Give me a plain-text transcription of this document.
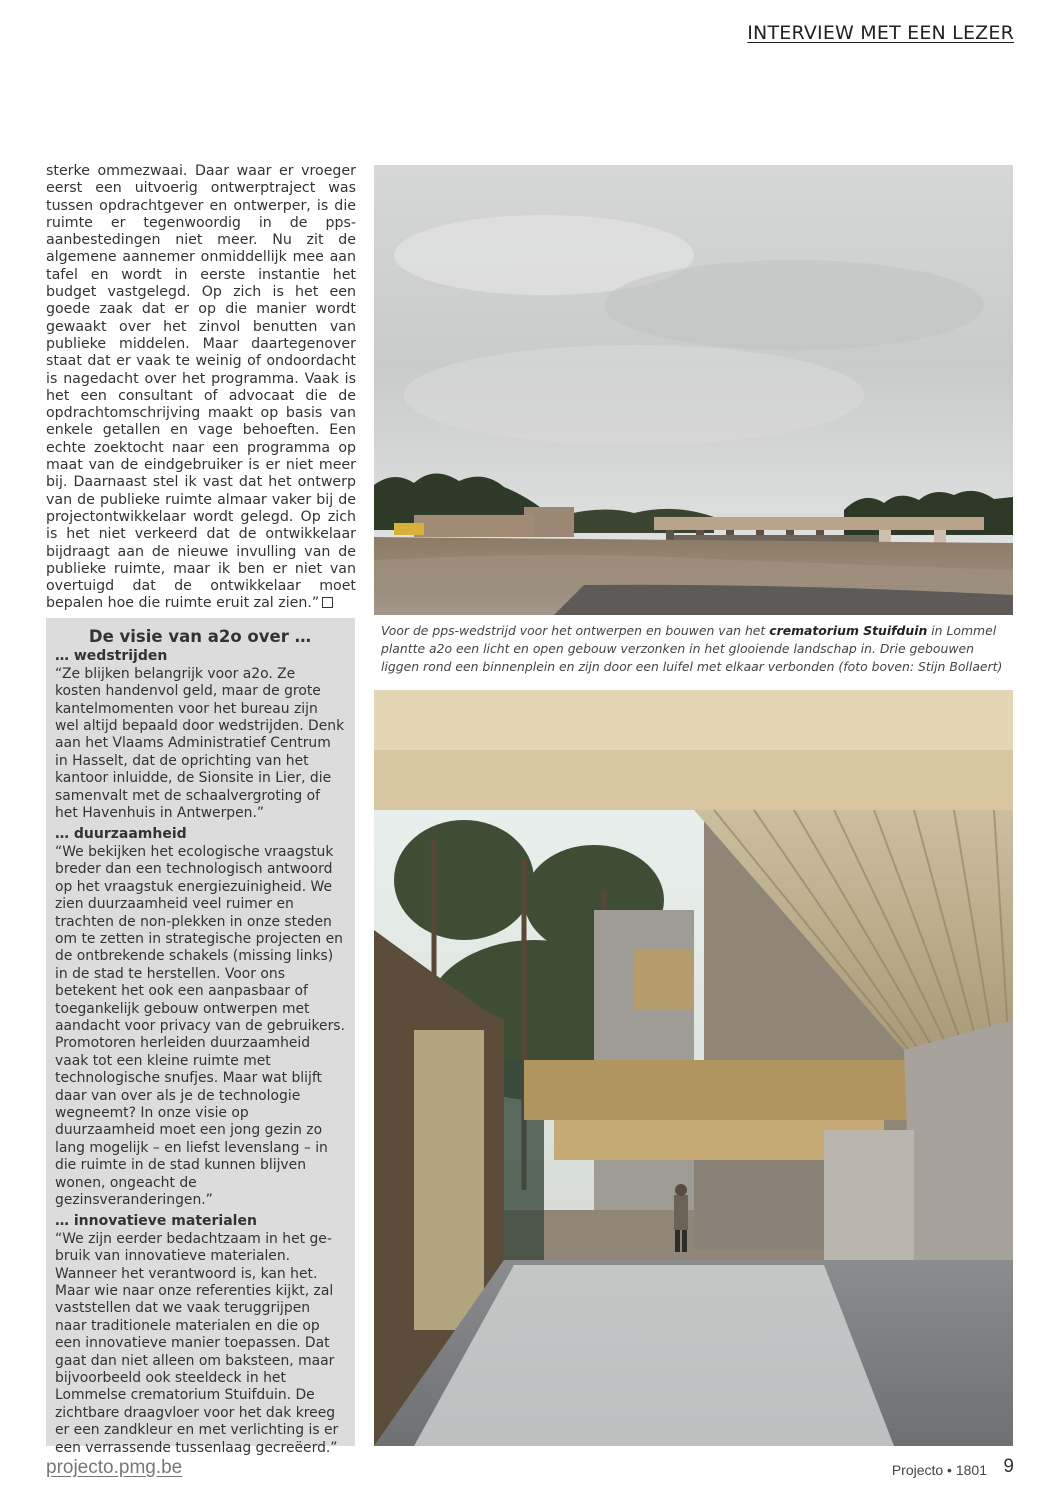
INTERVIEW MET EEN LEZER
sterke ommezwaai. Daar waar er vroeger eerst een uitvoerig ontwerptraject was tussen opdrachtgever en ontwerper, is die ruimte er tegenwoordig in de pps-aanbestedingen niet meer. Nu zit de algemene aannemer onmiddellijk mee aan tafel en wordt in eerste instantie het budget vastgelegd. Op zich is het een goede zaak dat er op die manier wordt gewaakt over het zinvol benutten van publieke middelen. Maar daartegenover staat dat er vaak te weinig of ondoordacht is nagedacht over het programma. Vaak is het een consultant of advocaat die de opdrachtomschrijving maakt op basis van enkele getallen en vage behoeften. Een echte zoektocht naar een programma op maat van de eindgebruiker is er niet meer bij. Daarnaast stel ik vast dat het ontwerp van de publieke ruimte almaar vaker bij de projectontwikkelaar wordt gelegd. Op zich is het niet verkeerd dat de ontwikkelaar bijdraagt aan de nieuwe invulling van de publieke ruimte, maar ik ben er niet van overtuigd dat de ontwikkelaar moet bepalen hoe die ruimte eruit zal zien.”
Voor de pps-wedstrijd voor het ontwerpen en bouwen van het crematorium Stuifduin in Lommel plantte a2o een licht en open gebouw verzonken in het glooiende landschap in. Drie gebouwen liggen rond een binnenplein en zijn door een luifel met elkaar verbonden (foto boven: Stijn Bollaert)
De visie van a2o over …
… wedstrijden

“Ze blijken belangrijk voor a2o. Ze kosten handenvol geld, maar de grote kantelmomenten voor het bureau zijn wel altijd bepaald door wedstrijden. Denk aan het Vlaams Administratief Centrum in Hasselt, dat de oprichting van het kantoor inluidde, de Sionsite in Lier, die samenvalt met de schaalvergroting of het Havenhuis in Antwerpen.”

… duurzaamheid

“We bekijken het ecologische vraagstuk breder dan een technologisch antwoord op het vraagstuk energiezuinigheid. We zien duurzaamheid veel ruimer en trachten de non-plekken in onze steden om te zetten in strategische projecten en de ontbrekende schakels (missing links) in de stad te herstellen. Voor ons betekent het ook een aanpasbaar of toegankelijk gebouw ontwerpen met aandacht voor privacy van de gebruikers. Promotoren herleiden duurzaamheid vaak tot een kleine ruimte met technologische snufjes. Maar wat blijft daar van over als je de technologie wegneemt? In onze visie op duurzaamheid moet een jong gezin zo lang mogelijk – en liefst levenslang – in die ruimte in de stad kunnen blijven wonen, ongeacht de gezinsveranderingen.”

… innovatieve materialen

“We zijn eerder bedachtzaam in het gebruik van innovatieve materialen. Wanneer het verantwoord is, kan het. Maar wie naar onze referenties kijkt, zal vaststellen dat we vaak teruggrijpen naar traditionele materialen en die op een innovatieve manier toepassen. Dat gaat dan niet alleen om baksteen, maar bijvoorbeeld ook steeldeck in het Lommelse crematorium Stuifduin. De zichtbare draagvloer voor het dak kreeg er een zandkleur en met verlichting is er een verrassende tussenlaag gecreëerd.”

projecto.pmg.be	Projecto • 1801 9
